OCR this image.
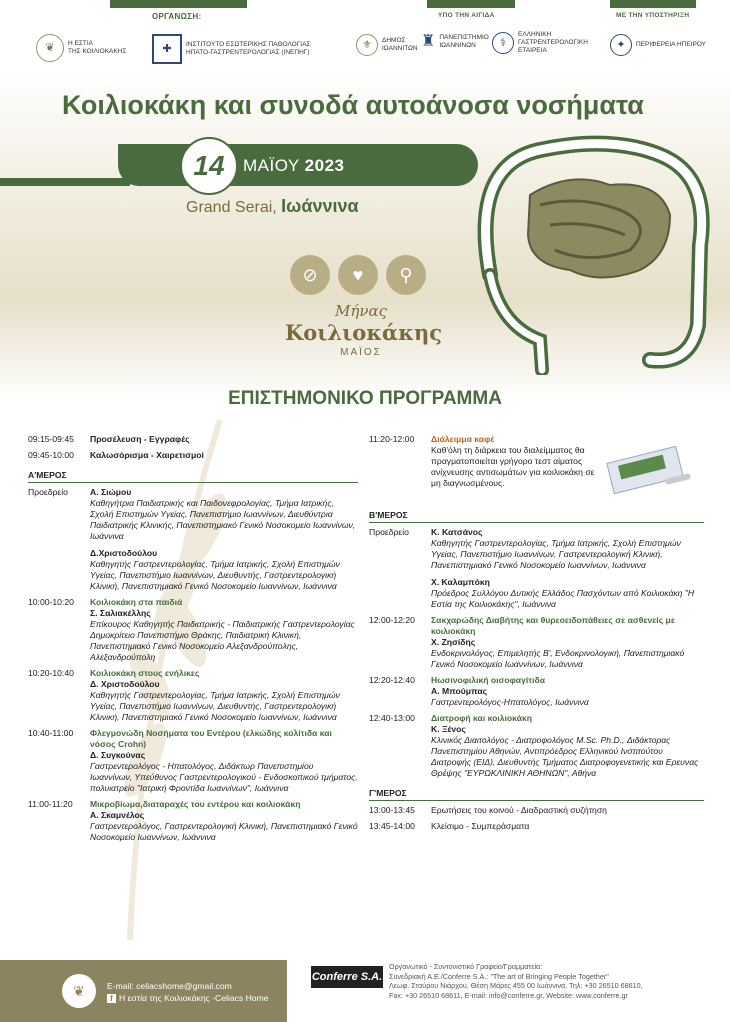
ΟΡΓΑΝΩΣΗ:	ΥΠΟ ΤΗΝ ΑΙΓΙΔΑ	ΜΕ ΤΗΝ ΥΠΟΣΤΗΡΙΞΗ
❦	Η ΕΣΤΙΑ
ΤΗΣ ΚΟΙΛΙΟΚΑΚΗΣ	✚	ΙΝΣΤΙΤΟΥΤΟ ΕΣΩΤΕΡΙΚΗΣ ΠΑΘΟΛΟΓΙΑΣ
ΗΠΑΤΟ-ΓΑΣΤΡΕΝΤΕΡΟΛΟΓΙΑΣ (ΙΝΕΠΗΓ)
⚜	ΔΗΜΟΣ
ΙΩΑΝΝΙΤΩΝ ♜ ΠΑΝΕΠΙΣΤΗΜΙΟ
ΙΩΑΝΝΙΝΩΝ	⚕
ΕΛΛΗΝΙΚΗ
ΓΑΣΤΡΕΝΤΕΡΟΛΟΓΙΚΗ
ΕΤΑΙΡΕΙΑ	✦	ΠΕΡΙΦΕΡΕΙΑ ΗΠΕΙΡΟΥ
Κοιλιοκάκη και συνοδά αυτοάνοσα νοσήματα
14	ΜΑΪΟΥ 2023
Grand Serai, Ιωάννινα
⊘	♥	⚲
Μήνας
Κοιλιοκάκης
ΜΑΪΟΣ
ΕΠΙΣΤΗΜΟΝΙΚΟ ΠΡΟΓΡΑΜΜΑ
09:15-09:45	Προσέλευση - Εγγραφές
09:45-10:00	Καλωσόρισμα - Χαιρετισμοί
Α'ΜΕΡΟΣ
Προεδρείο	Α. Σιώμου
Καθηγήτρια Παιδιατρικής και Παιδονεφρολογίας, Τμήμα Ιατρικής, Σχολή Επιστημών Υγείας, Πανεπιστήμιο Ιωαννίνων, Διευθύντρια Παιδιατρικής Κλινικής, Πανεπιστημιακό Γενικό Νοσοκομείο Ιωαννίνων, Ιωάννινα
Δ.Χριστοδούλου
Καθηγητής Γαστρεντερολογίας, Τμήμα Ιατρικής, Σχολή Επιστημών Υγείας, Πανεπιστήμιο Ιωαννίνων, Διευθυντής, Γαστρεντερολογική Κλινική, Πανεπιστημιακό Γενικό Νοσοκομείο Ιωαννίνων, Ιωάννινα
10:00-10:20	Κοιλιοκάκη στα παιδιά
Σ. Σαλιακέλλης
Επίκουρος Καθηγητής Παιδιατρικής - Παιδιατρικής Γαστρεντερολογίας Δημοκρίτειο Πανεπιστήμιο Θράκης, Παιδιατρική Κλινική, Πανεπιστημιακό Γενικό Νοσοκομείο Αλεξανδρούπολης, Αλεξανδρούπολη
10:20-10:40	Κοιλιοκάκη στους ενήλικες
Δ. Χριστοδούλου
Καθηγητής Γαστρεντερολογίας, Τμήμα Ιατρικής, Σχολή Επιστημών Υγείας, Πανεπιστήμιο Ιωαννίνων, Διευθυντής, Γαστρεντερολογική Κλινική, Πανεπιστημιακό Γενικό Νοσοκομείο Ιωαννίνων, Ιωάννινα
10:40-11:00	Φλεγμονώδη Νοσήματα του Εντέρου (ελκώδης κολίτιδα και νόσος Crohn)
Δ. Συγκούνας
Γαστρεντερολόγος - Ηπατολόγος, Διδάκτωρ Πανεπιστημίου Ιωαννίνων, Υπεύθυνος Γαστρεντερολογικού - Ενδοσκοπικού τμήματος, πολυιατρείο "Ιατρική Φροντίδα Ιωαννίνων", Ιωάννινα
11:00-11:20	Μικροβίωμα,διαταραχές του εντέρου και κοιλιοκάκη
Α. Σκαμνέλος
Γαστρεντερολόγος, Γαστρεντερολογική Κλινική, Πανεπιστημιακό Γενικό Νοσοκομείο Ιωαννίνων, Ιωάννινα
11:20-12:00	Διάλειμμα καφέ
Καθ'όλη τη διάρκεια του διαλείμματος θα πραγματοποιείται γρήγορο τεστ αίματος ανίχνευσης αντισωμάτων για κοιλιοκάκη σε μη διαγνωσμένους.
Β'ΜΕΡΟΣ
Προεδρείο	Κ. Κατσάνος
Καθηγητής Γαστρεντερολογίας, Τμήμα Ιατρικής, Σχολή Επιστημών Υγείας, Πανεπιστήμιο Ιωαννίνων, Γαστρεντερολογική Κλινική, Πανεπιστημιακό Γενικό Νοσοκομείο Ιωαννίνων, Ιωάννινα
Χ. Καλαμπόκη
Πρόεδρος Συλλόγου Δυτικής Ελλάδος Πασχόντων από Κοιλιοκάκη "Η Εστία της Κοιλιοκάκης", Ιωάννινα
12:00-12:20	Σακχαρώδης Διαβήτης και θυρεοειδοπάθειες σε ασθενείς με κοιλιοκάκη
Χ. Ζησίδης
Ενδοκρινολόγος, Επιμελητής Β', Ενδοκρινολογική, Πανεπιστημιακό Γενικό Νοσοκομείο Ιωαννίνων, Ιωάννινα
12:20-12:40	Ηωσινοφιλική οισοφαγίτιδα
Α. Μπούμπας
Γαστρεντερολόγος-Ηπατολόγος, Ιωάννινα
12:40-13:00	Διατροφή και κοιλιοκάκη
Κ. Ξένος
Κλινικός Διαιτολόγος - Διατροφολόγος M.Sc. Ph.D., Διδάκτορας Πανεπιστημίου Αθηνών, Αντιπρόεδρος Ελληνικού Ινστιτούτου Διατροφής (ΕΙΔ), Διευθυντής Τμήματος Διατροφογενετικής και Ερευνας Θρέψης "ΕΥΡΩΚΛΙΝΙΚΗ ΑΘΗΝΩΝ", Αθήνα
Γ'ΜΕΡΟΣ
13:00-13:45	Ερωτήσεις του κοινού - Διαδραστική συζήτηση
13:45-14:00	Κλείσιμο - Συμπεράσματα
❦	E-mail: celiacshome@gmail.com
f Η εστία της Κοιλιοκάκης -Celiacs Home
Conferre S.A.
Οργανωτικό - Συντονιστικό Γραφείο/Γραμματεία:
Συνεδριακή Α.Ε./Conferre S.A.: "The art of Bringing People Together"
Λεωφ. Σταύρου Νιάρχου, Θέση Μάρες 455 00 Ιωάννινα, Τηλ: +30 26510 68610,
Fax: +30 26510 68611, E-mail: info@conferre.gr, Website: www.conferre.gr
